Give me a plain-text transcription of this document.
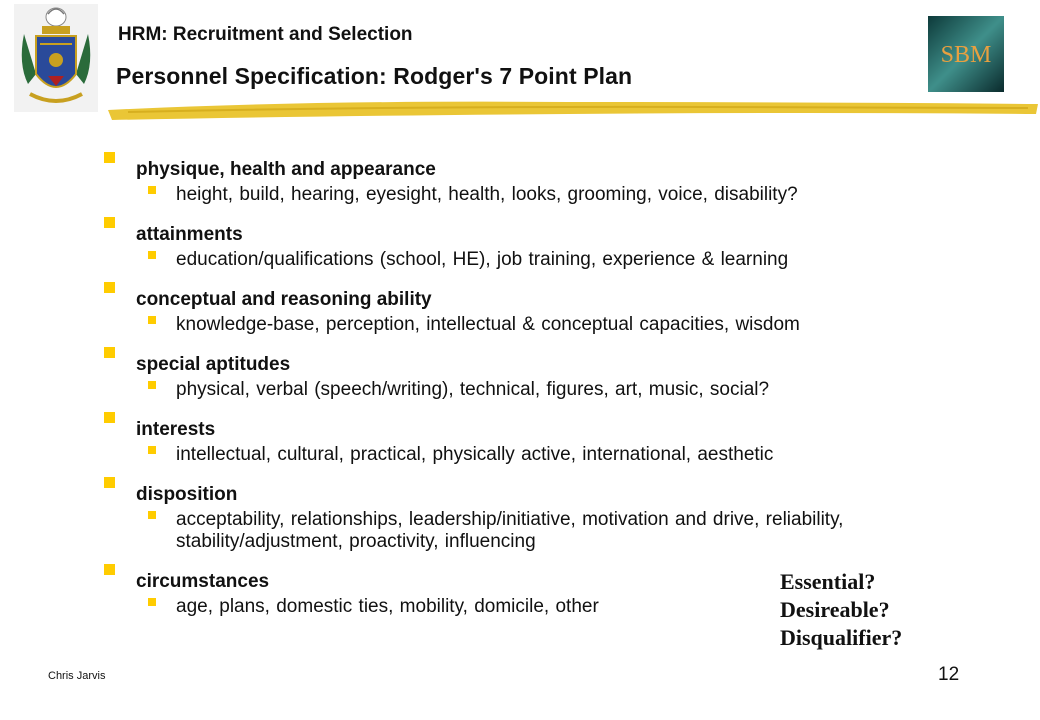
SBM
HRM: Recruitment and Selection
Personnel Specification: Rodger's 7 Point Plan
physique, health and appearance
height, build, hearing, eyesight, health, looks, grooming, voice, disability?
attainments
education/qualifications (school, HE), job training, experience & learning
conceptual and reasoning ability
knowledge-base, perception, intellectual & conceptual capacities, wisdom
special aptitudes
physical, verbal (speech/writing), technical, figures, art, music, social?
interests
intellectual, cultural, practical, physically active, international, aesthetic
disposition
acceptability, relationships, leadership/initiative, motivation and drive, reliability, stability/adjustment, proactivity, influencing
circumstances
age, plans, domestic ties, mobility, domicile, other
Essential?
Desireable?
Disqualifier?
Chris Jarvis	12
